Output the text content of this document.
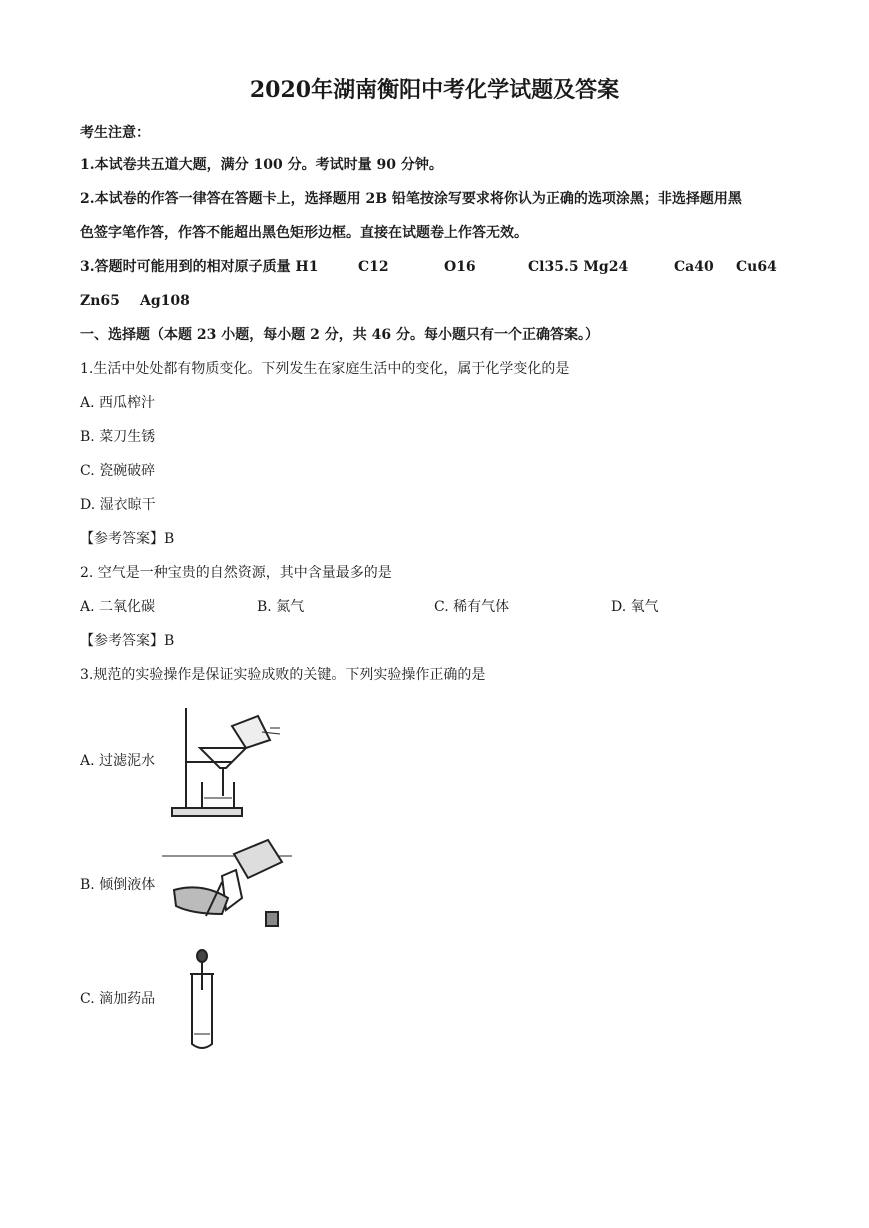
2020年湖南衡阳中考化学试题及答案
考生注意：
1.本试卷共五道大题，满分 100 分。考试时量 90 分钟。
2.本试卷的作答一律答在答题卡上，选择题用 2B 铅笔按涂写要求将你认为正确的选项涂黑；非选择题用黑
色签字笔作答，作答不能超出黑色矩形边框。直接在试题卷上作答无效。
3.答题时可能用到的相对原子质量 H1	C12	O16	Cl35.5 Mg24	Ca40 Cu64
Zn65 Ag108
一、选择题（本题 23 小题，每小题 2 分，共 46 分。每小题只有一个正确答案。）
1.生活中处处都有物质变化。下列发生在家庭生活中的变化，属于化学变化的是
A. 西瓜榨汁
B. 菜刀生锈
C. 瓷碗破碎
D. 湿衣晾干
【参考答案】B
2. 空气是一种宝贵的自然资源，其中含量最多的是
A. 二氧化碳	B. 氮气	C. 稀有气体	D. 氧气
【参考答案】B
3.规范的实验操作是保证实验成败的关键。下列实验操作正确的是
A. 过滤泥水
B. 倾倒液体
C. 滴加药品
